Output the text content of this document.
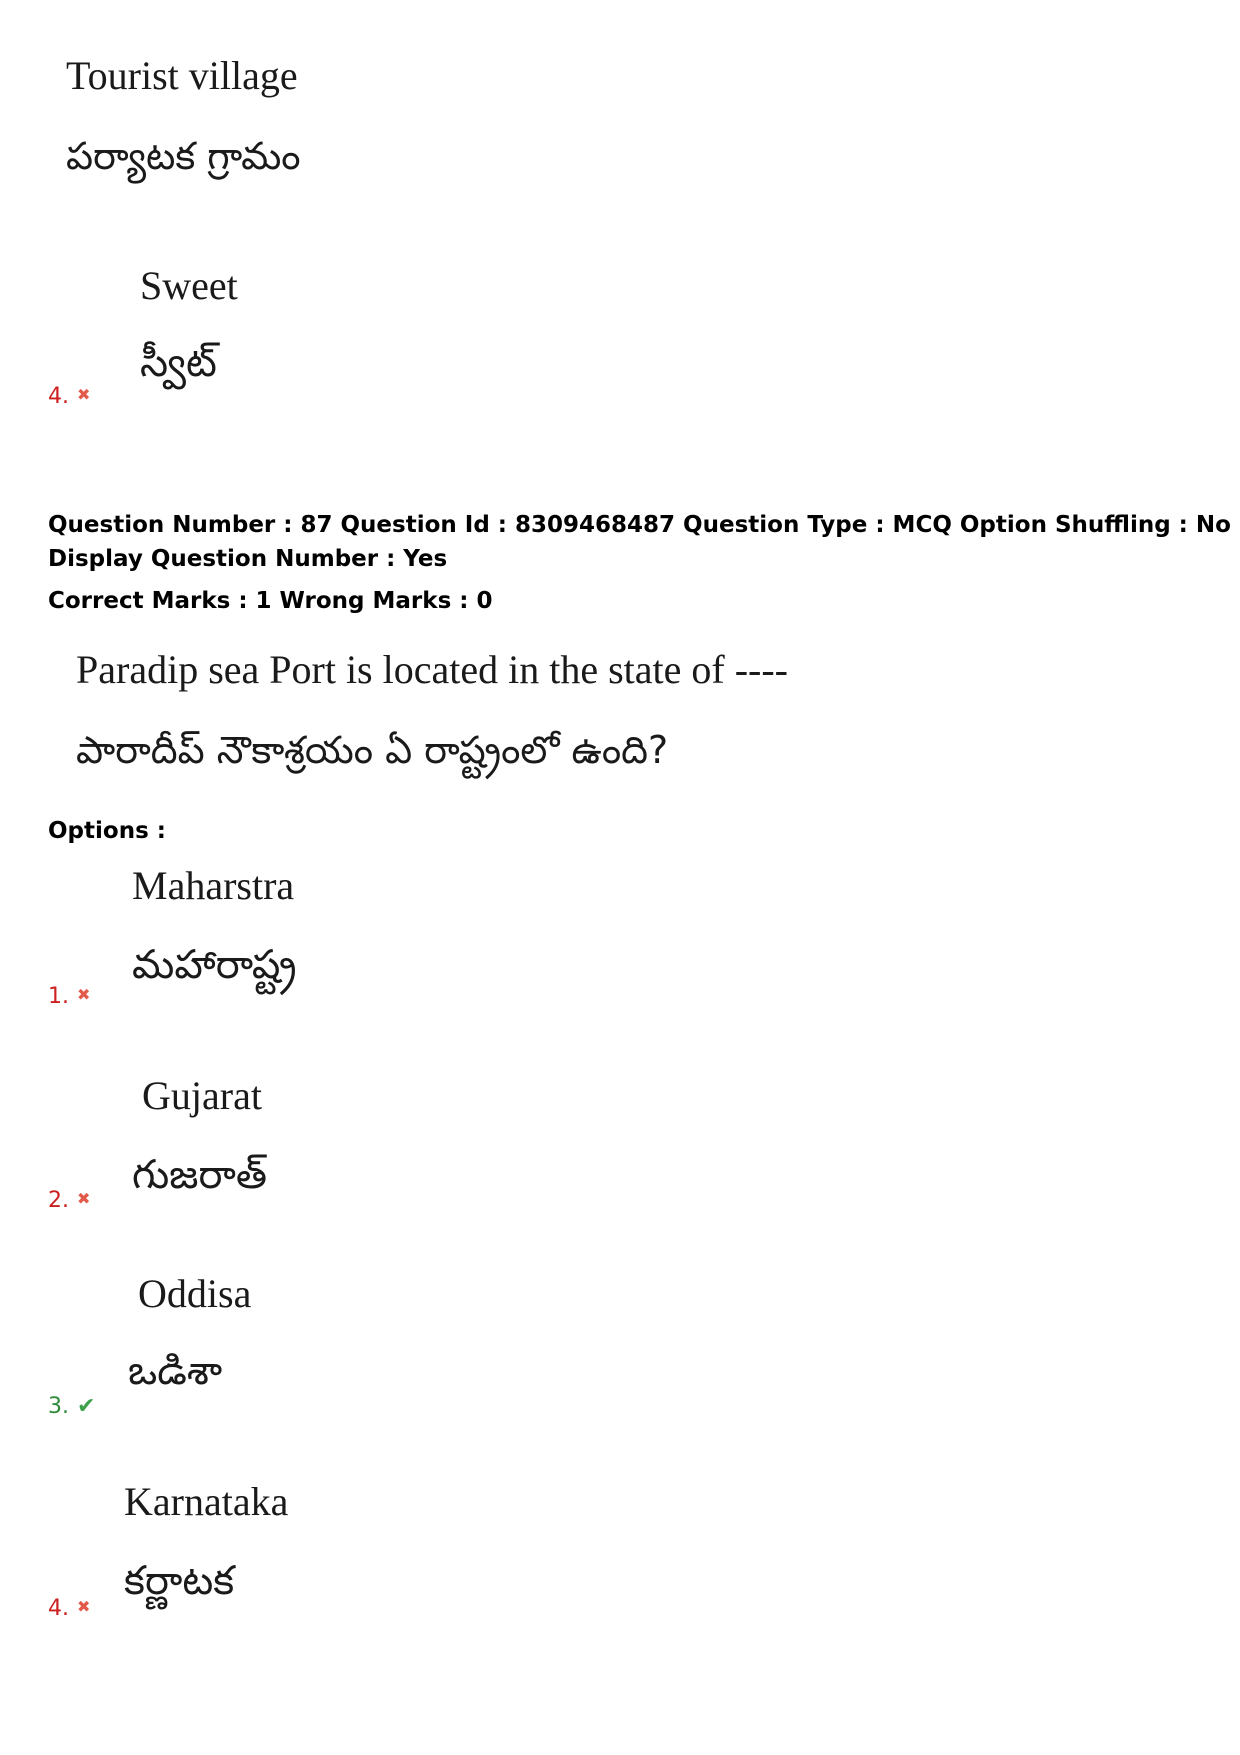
Tourist village
పర్యాటక గ్రామం
Sweet
స్వీట్
4. ✖
Question Number : 87 Question Id : 8309468487 Question Type : MCQ Option Shuffling : No
Display Question Number : Yes
Correct Marks : 1 Wrong Marks : 0
Paradip sea Port is located in the state of ----
పారాదీప్ నౌకాశ్రయం ఏ రాష్ట్రంలో ఉంది?
Options :
Maharstra
మహారాష్ట్ర
1. ✖
Gujarat
గుజరాత్
2. ✖
Oddisa
ఒడిశా
3. ✔
Karnataka
కర్ణాటక
4. ✖
